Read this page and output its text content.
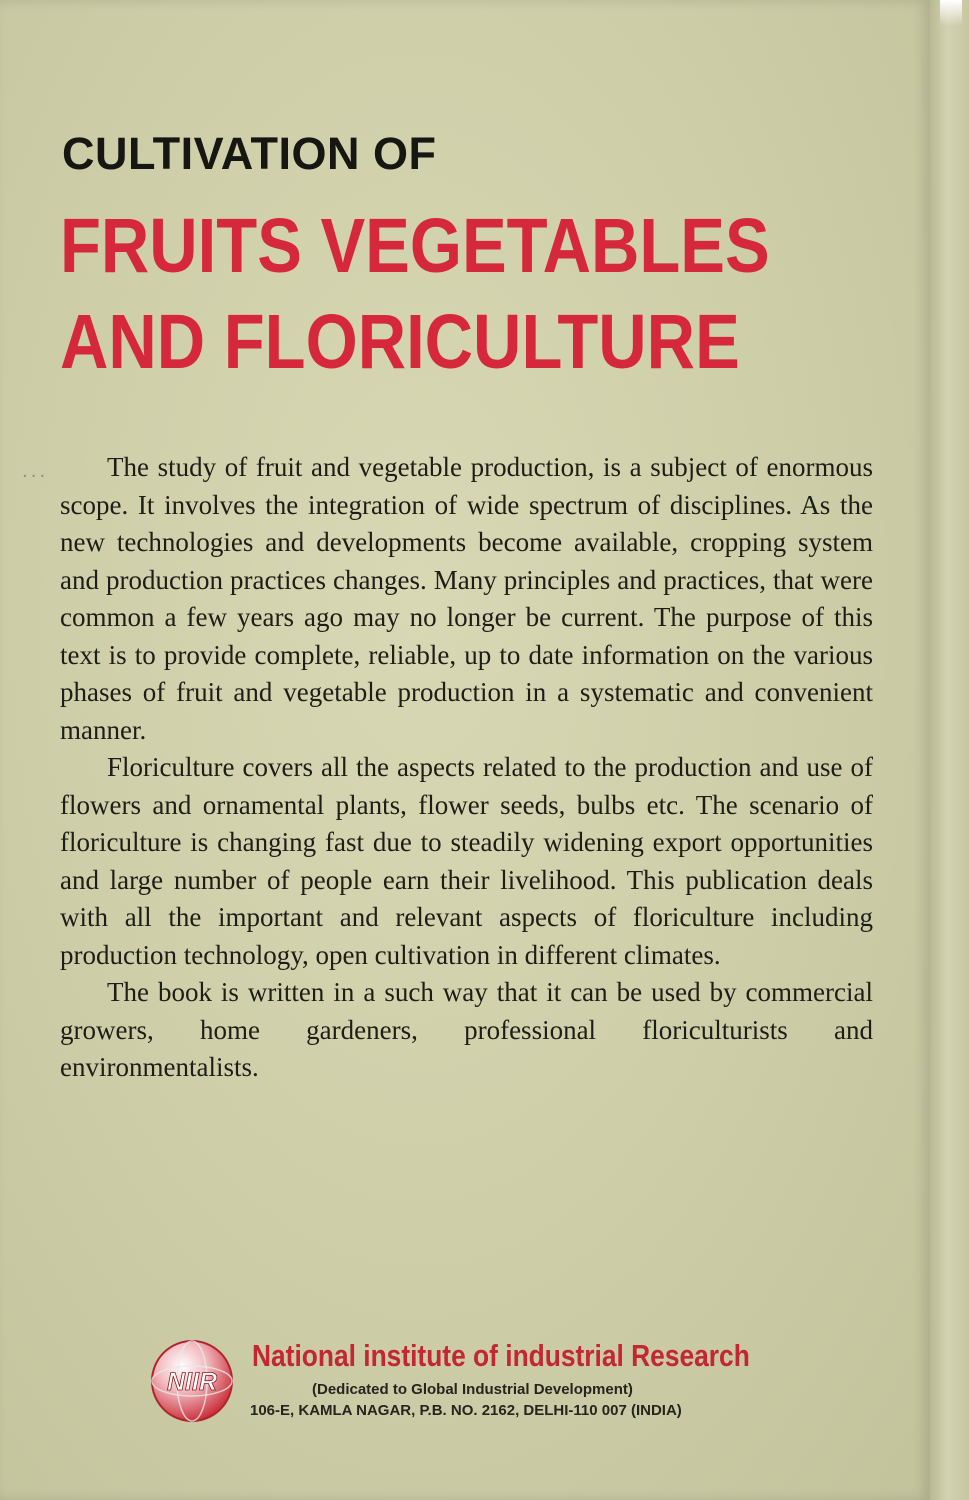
CULTIVATION OF
FRUITS VEGETABLES
AND FLORICULTURE
...	The study of fruit and vegetable production, is a subject of enormous scope. It involves the integration of wide spectrum of disciplines. As the new technologies and developments become available, cropping system and production practices changes. Many principles and practices, that were common a few years ago may no longer be current. The purpose of this text is to provide complete, reliable, up to date information on the various phases of fruit and vegetable production in a systematic and convenient manner.

Floriculture covers all the aspects related to the production and use of flowers and ornamental plants, flower seeds, bulbs etc. The scenario of floriculture is changing fast due to steadily widening export opportunities and large number of people earn their livelihood. This publication deals with all the important and relevant aspects of floriculture including production technology, open cultivation in different climates.

The book is written in a such way that it can be used by commercial growers, home gardeners, professional floriculturists and environmentalists.

NIIR
National institute of industrial Research
(Dedicated to Global Industrial Development)
106-E, KAMLA NAGAR, P.B. NO. 2162, DELHI-110 007 (INDIA)
